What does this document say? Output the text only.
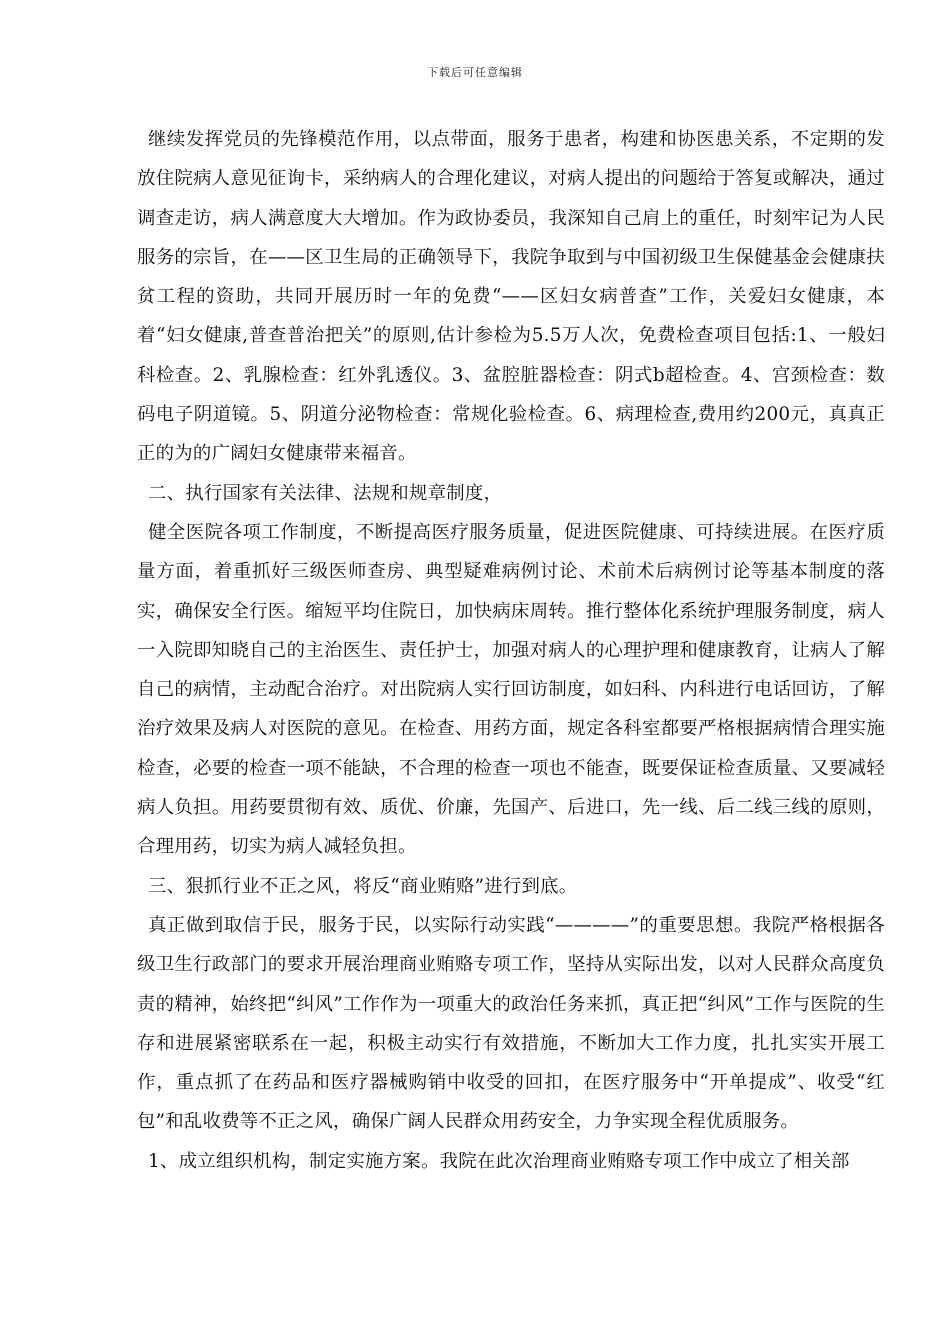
下载后可任意编辑

继续发挥党员的先锋模范作用，以点带面，服务于患者，构建和协医患关系，不定期的发放住院病人意见征询卡，采纳病人的合理化建议，对病人提出的问题给于答复或解决，通过调查走访，病人满意度大大增加。作为政协委员，我深知自己肩上的重任，时刻牢记为人民服务的宗旨，在——区卫生局的正确领导下，我院争取到与中国初级卫生保健基金会健康扶贫工程的资助，共同开展历时一年的免费“——区妇女病普查”工作，关爱妇女健康，本着“妇女健康,普查普治把关”的原则,估计参检为5.5万人次，免费检查项目包括:1、一般妇科检查。2、乳腺检查：红外乳透仪。3、盆腔脏器检查：阴式b超检查。4、宫颈检查：数码电子阴道镜。5、阴道分泌物检查：常规化验检查。6、病理检查,费用约200元，真真正正的为的广阔妇女健康带来福音。

二、执行国家有关法律、法规和规章制度，

健全医院各项工作制度，不断提高医疗服务质量，促进医院健康、可持续进展。在医疗质量方面，着重抓好三级医师查房、典型疑难病例讨论、术前术后病例讨论等基本制度的落实，确保安全行医。缩短平均住院日，加快病床周转。推行整体化系统护理服务制度，病人一入院即知晓自己的主治医生、责任护士，加强对病人的心理护理和健康教育，让病人了解自己的病情，主动配合治疗。对出院病人实行回访制度，如妇科、内科进行电话回访，了解治疗效果及病人对医院的意见。在检查、用药方面，规定各科室都要严格根据病情合理实施检查，必要的检查一项不能缺，不合理的检查一项也不能查，既要保证检查质量、又要减轻病人负担。用药要贯彻有效、质优、价廉，先国产、后进口，先一线、后二线三线的原则，合理用药，切实为病人减轻负担。

三、狠抓行业不正之风，将反“商业贿赂”进行到底。

真正做到取信于民，服务于民，以实际行动实践“————”的重要思想。我院严格根据各级卫生行政部门的要求开展治理商业贿赂专项工作，坚持从实际出发，以对人民群众高度负责的精神，始终把“纠风”工作作为一项重大的政治任务来抓，真正把“纠风”工作与医院的生存和进展紧密联系在一起，积极主动实行有效措施，不断加大工作力度，扎扎实实开展工作，重点抓了在药品和医疗器械购销中收受的回扣，在医疗服务中“开单提成”、收受“红包”和乱收费等不正之风，确保广阔人民群众用药安全，力争实现全程优质服务。

1、成立组织机构，制定实施方案。我院在此次治理商业贿赂专项工作中成立了相关部
